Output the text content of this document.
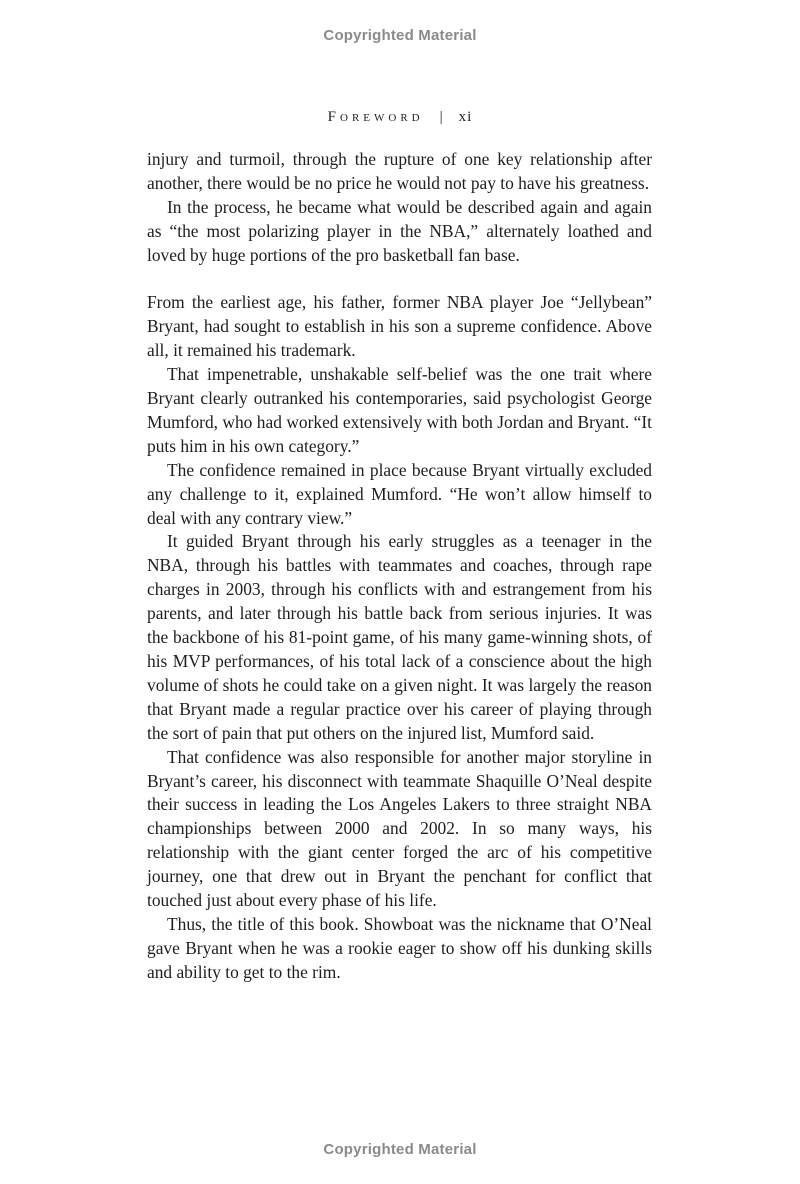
Copyrighted Material
Foreword | xi

injury and turmoil, through the rupture of one key relationship after another, there would be no price he would not pay to have his greatness.

In the process, he became what would be described again and again as “the most polarizing player in the NBA,” alternately loathed and loved by huge portions of the pro basketball fan base.

From the earliest age, his father, former NBA player Joe “Jellybean” Bryant, had sought to establish in his son a supreme confidence. Above all, it remained his trademark.

That impenetrable, unshakable self-belief was the one trait where Bryant clearly outranked his contemporaries, said psychologist George Mumford, who had worked extensively with both Jordan and Bryant. “It puts him in his own category.”

The confidence remained in place because Bryant virtually excluded any challenge to it, explained Mumford. “He won’t allow himself to deal with any contrary view.”

It guided Bryant through his early struggles as a teenager in the NBA, through his battles with teammates and coaches, through rape charges in 2003, through his conflicts with and estrangement from his parents, and later through his battle back from serious injuries. It was the backbone of his 81-point game, of his many game-winning shots, of his MVP performances, of his total lack of a conscience about the high volume of shots he could take on a given night. It was largely the reason that Bryant made a regular practice over his career of playing through the sort of pain that put others on the injured list, Mumford said.

That confidence was also responsible for another major storyline in Bryant’s career, his disconnect with teammate Shaquille O’Neal despite their success in leading the Los Angeles Lakers to three straight NBA championships between 2000 and 2002. In so many ways, his relationship with the giant center forged the arc of his competitive journey, one that drew out in Bryant the penchant for conflict that touched just about every phase of his life.

Thus, the title of this book. Showboat was the nickname that O’Neal gave Bryant when he was a rookie eager to show off his dunking skills and ability to get to the rim.

Copyrighted Material
